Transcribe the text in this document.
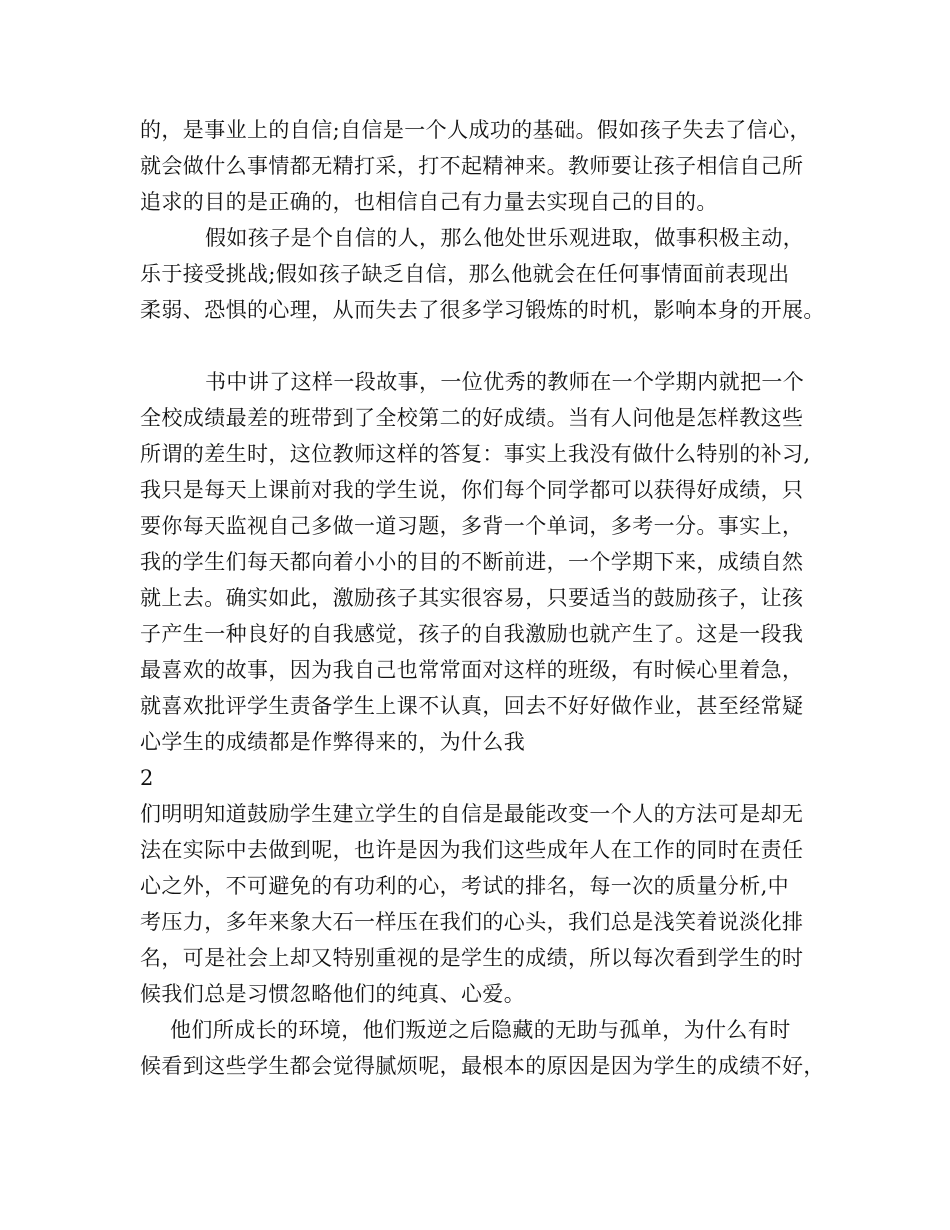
的，是事业上的自信;自信是一个人成功的基础。假如孩子失去了信心，
就会做什么事情都无精打采，打不起精神来。教师要让孩子相信自己所
追求的目的是正确的，也相信自己有力量去实现自己的目的。
假如孩子是个自信的人，那么他处世乐观进取，做事积极主动，
乐于接受挑战;假如孩子缺乏自信，那么他就会在任何事情面前表现出
柔弱、恐惧的心理，从而失去了很多学习锻炼的时机，影响本身的开展。
书中讲了这样一段故事，一位优秀的教师在一个学期内就把一个
全校成绩最差的班带到了全校第二的好成绩。当有人问他是怎样教这些
所谓的差生时，这位教师这样的答复：事实上我没有做什么特别的补习,
我只是每天上课前对我的学生说，你们每个同学都可以获得好成绩，只
要你每天监视自己多做一道习题，多背一个单词，多考一分。事实上，
我的学生们每天都向着小小的目的不断前进，一个学期下来，成绩自然
就上去。确实如此，激励孩子其实很容易，只要适当的鼓励孩子，让孩
子产生一种良好的自我感觉，孩子的自我激励也就产生了。这是一段我
最喜欢的故事，因为我自己也常常面对这样的班级，有时候心里着急，
就喜欢批评学生责备学生上课不认真，回去不好好做作业，甚至经常疑
心学生的成绩都是作弊得来的，为什么我
2
们明明知道鼓励学生建立学生的自信是最能改变一个人的方法可是却无
法在实际中去做到呢，也许是因为我们这些成年人在工作的同时在责任
心之外，不可避免的有功利的心，考试的排名，每一次的质量分析,中
考压力，多年来象大石一样压在我们的心头，我们总是浅笑着说淡化排
名，可是社会上却又特别重视的是学生的成绩，所以每次看到学生的时
候我们总是习惯忽略他们的纯真、心爱。
他们所成长的环境，他们叛逆之后隐藏的无助与孤单，为什么有时
候看到这些学生都会觉得腻烦呢，最根本的原因是因为学生的成绩不好，
